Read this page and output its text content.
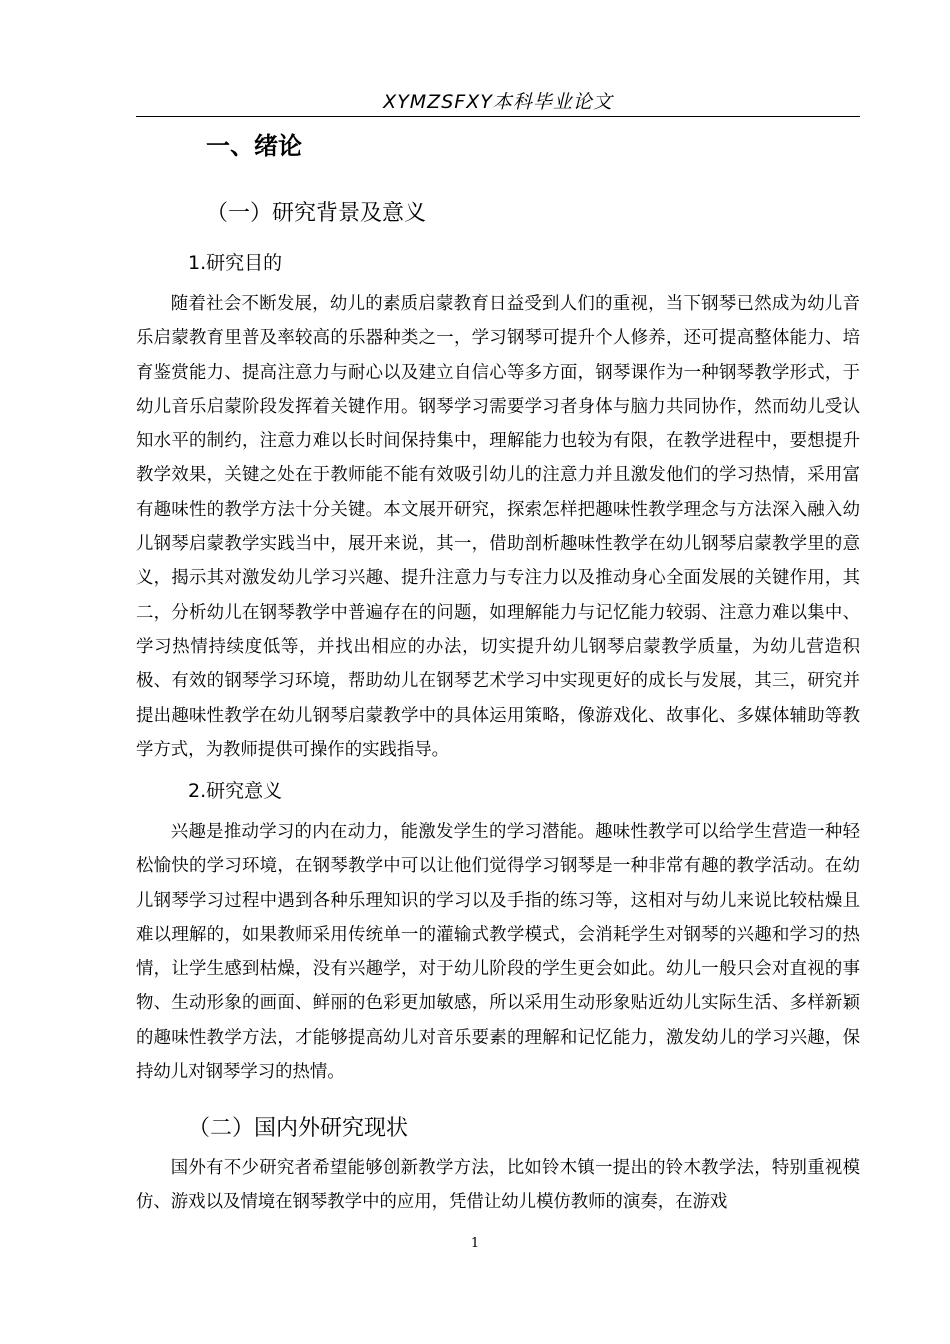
XYMZSFXY本科毕业论文
一、绪论
（一）研究背景及意义
1.研究目的

随着社会不断发展，幼儿的素质启蒙教育日益受到人们的重视，当下钢琴已然成为幼儿音乐启蒙教育里普及率较高的乐器种类之一，学习钢琴可提升个人修养，还可提高整体能力、培育鉴赏能力、提高注意力与耐心以及建立自信心等多方面，钢琴课作为一种钢琴教学形式，于幼儿音乐启蒙阶段发挥着关键作用。钢琴学习需要学习者身体与脑力共同协作，然而幼儿受认知水平的制约，注意力难以长时间保持集中，理解能力也较为有限，在教学进程中，要想提升教学效果，关键之处在于教师能不能有效吸引幼儿的注意力并且激发他们的学习热情，采用富有趣味性的教学方法十分关键。本文展开研究，探索怎样把趣味性教学理念与方法深入融入幼儿钢琴启蒙教学实践当中，展开来说，其一，借助剖析趣味性教学在幼儿钢琴启蒙教学里的意义，揭示其对激发幼儿学习兴趣、提升注意力与专注力以及推动身心全面发展的关键作用，其二，分析幼儿在钢琴教学中普遍存在的问题，如理解能力与记忆能力较弱、注意力难以集中、学习热情持续度低等，并找出相应的办法，切实提升幼儿钢琴启蒙教学质量，为幼儿营造积极、有效的钢琴学习环境，帮助幼儿在钢琴艺术学习中实现更好的成长与发展，其三，研究并提出趣味性教学在幼儿钢琴启蒙教学中的具体运用策略，像游戏化、故事化、多媒体辅助等教学方式，为教师提供可操作的实践指导。

2.研究意义

兴趣是推动学习的内在动力，能激发学生的学习潜能。趣味性教学可以给学生营造一种轻松愉快的学习环境，在钢琴教学中可以让他们觉得学习钢琴是一种非常有趣的教学活动。在幼儿钢琴学习过程中遇到各种乐理知识的学习以及手指的练习等，这相对与幼儿来说比较枯燥且难以理解的，如果教师采用传统单一的灌输式教学模式，会消耗学生对钢琴的兴趣和学习的热情，让学生感到枯燥，没有兴趣学，对于幼儿阶段的学生更会如此。幼儿一般只会对直视的事物、生动形象的画面、鲜丽的色彩更加敏感，所以采用生动形象贴近幼儿实际生活、多样新颖的趣味性教学方法，才能够提高幼儿对音乐要素的理解和记忆能力，激发幼儿的学习兴趣，保持幼儿对钢琴学习的热情。

（二）国内外研究现状

国外有不少研究者希望能够创新教学方法，比如铃木镇一提出的铃木教学法，特别重视模仿、游戏以及情境在钢琴教学中的应用，凭借让幼儿模仿教师的演奏，在游戏

1
